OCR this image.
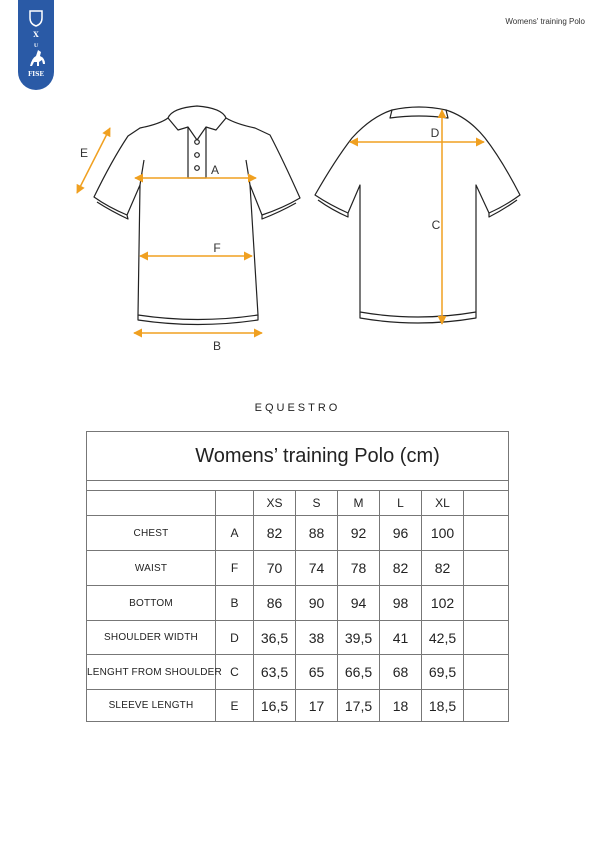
X
U
FISE
Womens' training Polo
E
A
F
B
D
C
EQUESTRO
Womens’ training Polo (cm)							

		XS	S	M	L	XL	
CHEST	A	82	88	92	96	100	
WAIST	F	70	74	78	82	82	
BOTTOM	B	86	90	94	98	102	
SHOULDER WIDTH	D	36,5	38	39,5	41	42,5	
LENGHT FROM SHOULDER	C	63,5	65	66,5	68	69,5	
SLEEVE LENGTH	E	16,5	17	17,5	18	18,5	
